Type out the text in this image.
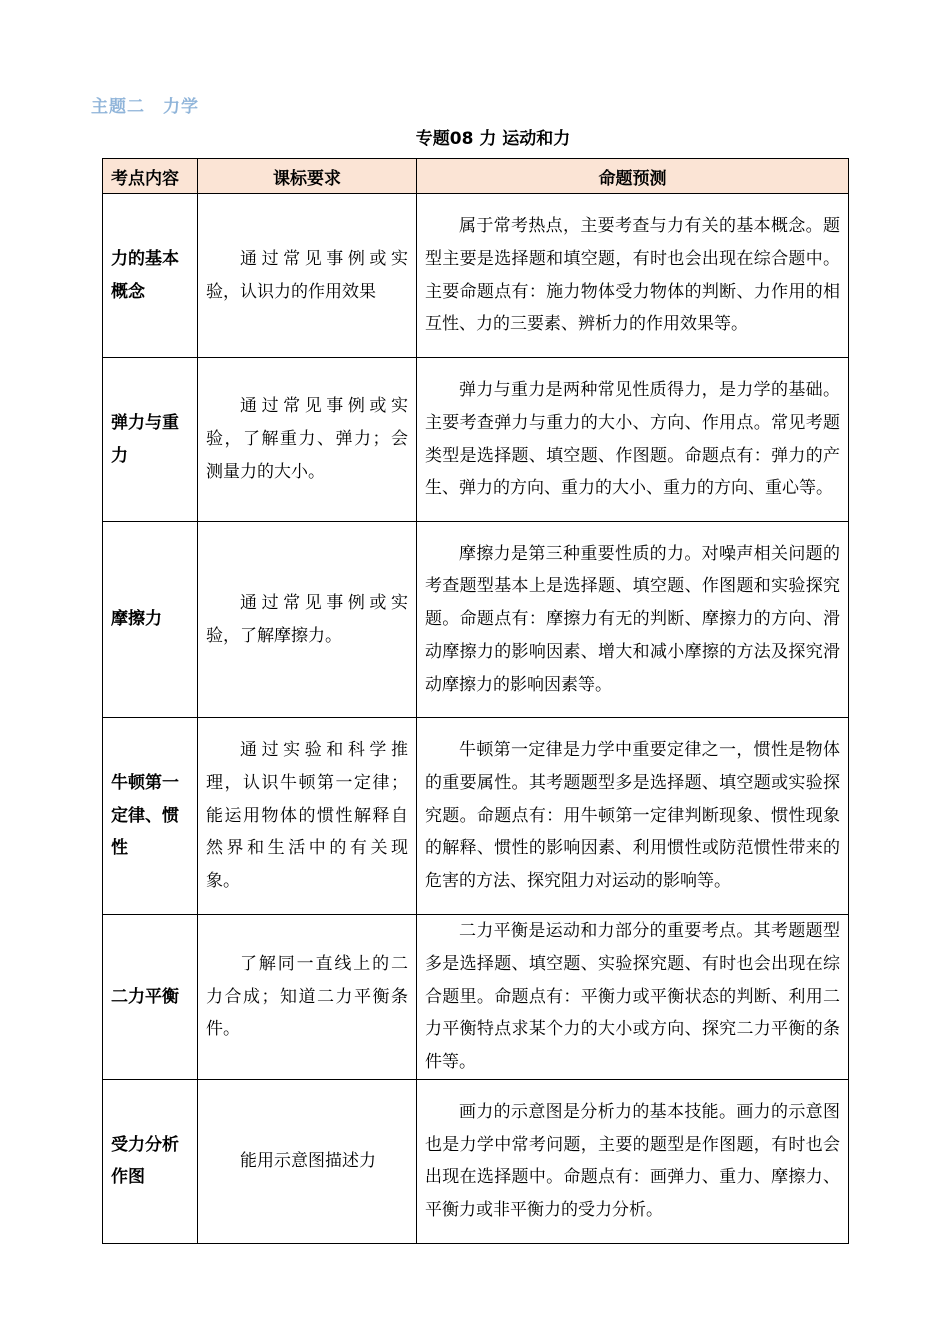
主题二　力学
专题08 力 运动和力
考点内容	课标要求	命题预测
力的基本概念	通过常见事例或实验，认识力的作用效果	属于常考热点，主要考查与力有关的基本概念。题型主要是选择题和填空题，有时也会出现在综合题中。主要命题点有：施力物体受力物体的判断、力作用的相互性、力的三要素、辨析力的作用效果等。
弹力与重力	通过常见事例或实验，了解重力、弹力；会测量力的大小。	弹力与重力是两种常见性质得力，是力学的基础。主要考查弹力与重力的大小、方向、作用点。常见考题类型是选择题、填空题、作图题。命题点有：弹力的产生、弹力的方向、重力的大小、重力的方向、重心等。
摩擦力	通过常见事例或实验，了解摩擦力。	摩擦力是第三种重要性质的力。对噪声相关问题的考查题型基本上是选择题、填空题、作图题和实验探究题。命题点有：摩擦力有无的判断、摩擦力的方向、滑动摩擦力的影响因素、增大和减小摩擦的方法及探究滑动摩擦力的影响因素等。
牛顿第一定律、惯性	通过实验和科学推理，认识牛顿第一定律；能运用物体的惯性解释自然界和生活中的有关现象。	牛顿第一定律是力学中重要定律之一，惯性是物体的重要属性。其考题题型多是选择题、填空题或实验探究题。命题点有：用牛顿第一定律判断现象、惯性现象的解释、惯性的影响因素、利用惯性或防范惯性带来的危害的方法、探究阻力对运动的影响等。
二力平衡	了解同一直线上的二力合成；知道二力平衡条件。	二力平衡是运动和力部分的重要考点。其考题题型多是选择题、填空题、实验探究题、有时也会出现在综合题里。命题点有：平衡力或平衡状态的判断、利用二力平衡特点求某个力的大小或方向、探究二力平衡的条件等。
受力分析作图	能用示意图描述力	画力的示意图是分析力的基本技能。画力的示意图也是力学中常考问题，主要的题型是作图题，有时也会出现在选择题中。命题点有：画弹力、重力、摩擦力、平衡力或非平衡力的受力分析。
